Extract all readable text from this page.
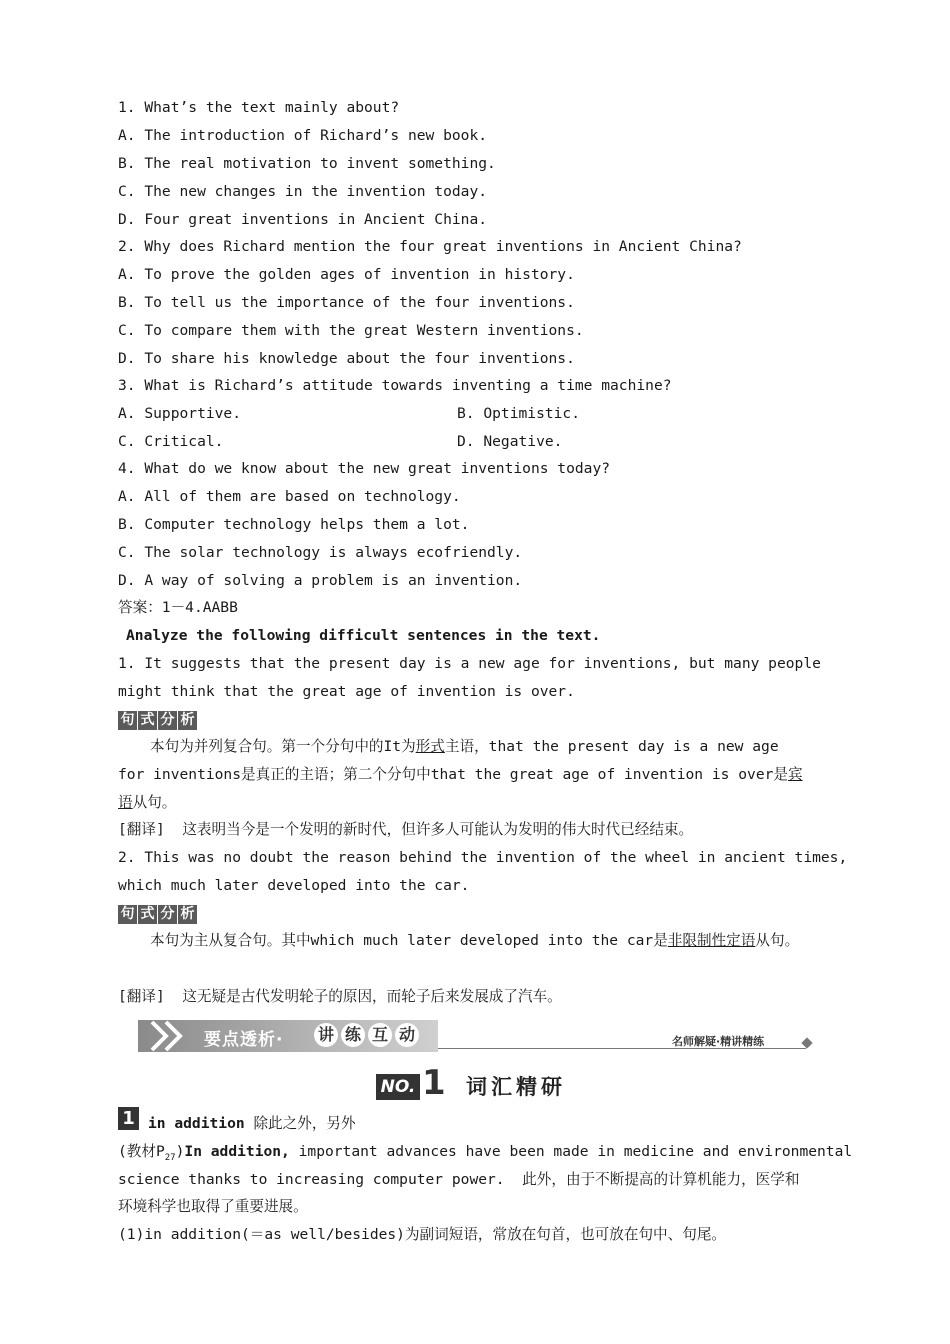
1. What’s the text mainly about?
A. The introduction of Richard’s new book.
B. The real motivation to invent something.
C. The new changes in the invention today.
D. Four great inventions in Ancient China.
2. Why does Richard mention the four great inventions in Ancient China?
A. To prove the golden ages of invention in history.
B. To tell us the importance of the four inventions.
C. To compare them with the great Western inventions.
D. To share his knowledge about the four inventions.
3. What is Richard’s attitude towards inventing a time machine?
A. Supportive.	B. Optimistic.
C. Critical.	D. Negative.
4. What do we know about the new great inventions today?
A. All of them are based on technology.
B. Computer technology helps them a lot.
C. The solar technology is always ecofriendly.
D. A way of solving a problem is an invention.
答案：1－4.AABB
Analyze the following difficult sentences in the text.
1. It suggests that the present day is a new age for inventions, but many people
might think that the great age of invention is over.
句 式 分 析
本句为并列复合句。第一个分句中的It为形式主语，that the present day is a new age
for inventions是真正的主语；第二个分句中that the great age of invention is over是宾
语从句。
[翻译]  这表明当今是一个发明的新时代，但许多人可能认为发明的伟大时代已经结束。
2. This was no doubt the reason behind the invention of the wheel in ancient times,
which much later developed into the car.
句 式 分 析
本句为主从复合句。其中which much later developed into the car是非限制性定语从句。
[翻译]  这无疑是古代发明轮子的原因，而轮子后来发展成了汽车。
要点透析· 讲 练 互 动	名师解疑·精讲精练
NO. 1 词汇精研
1 in addition 除此之外，另外
(教材$P_{27})In$ addition, important advances have been made in medicine and environmental
science thanks to increasing computer power.  此外，由于不断提高的计算机能力，医学和
环境科学也取得了重要进展。
(1)in addition(＝as well/besides)为副词短语，常放在句首，也可放在句中、句尾。
